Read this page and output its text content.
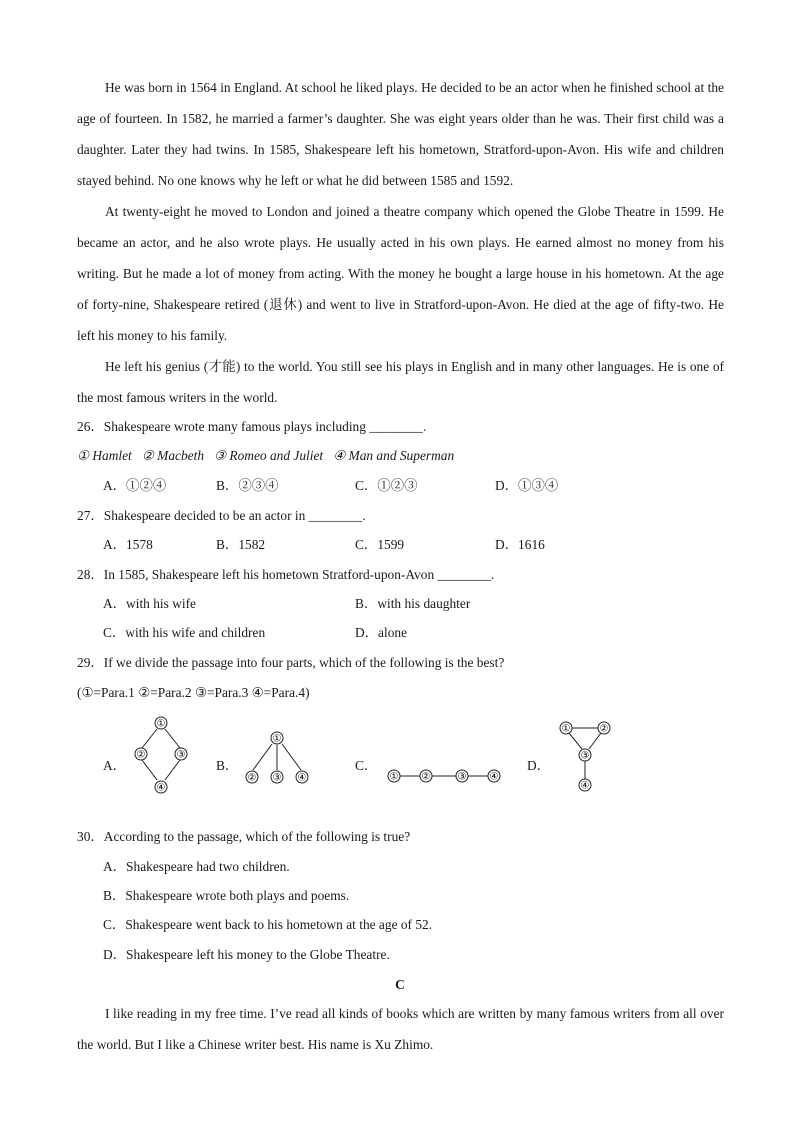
He was born in 1564 in England. At school he liked plays. He decided to be an actor when he finished school at the age of fourteen. In 1582, he married a farmer’s daughter. She was eight years older than he was. Their first child was a daughter. Later they had twins. In 1585, Shakespeare left his hometown, Stratford-upon-Avon. His wife and children stayed behind. No one knows why he left or what he did between 1585 and 1592.

At twenty-eight he moved to London and joined a theatre company which opened the Globe Theatre in 1599. He became an actor, and he also wrote plays. He usually acted in his own plays. He earned almost no money from his writing. But he made a lot of money from acting. With the money he bought a large house in his hometown. At the age of forty-nine, Shakespeare retired (退休) and went to live in Stratford-upon-Avon. He died at the age of fifty-two. He left his money to his family.

He left his genius (才能) to the world. You still see his plays in English and in many other languages. He is one of the most famous writers in the world.

26．Shakespeare wrote many famous plays including ________.
① Hamlet ② Macbeth ③ Romeo and Juliet ④ Man and Superman
A．①②④	B．②③④	C．①②③	D．①③④
27．Shakespeare decided to be an actor in ________.
A．1578	B．1582	C．1599	D．1616
28．In 1585, Shakespeare left his hometown Stratford-upon-Avon ________.
A．with his wife	B．with his daughter
C．with his wife and children	D．alone
29．If we divide the passage into four parts, which of the following is the best?
(①=Para.1 ②=Para.2 ③=Para.3 ④=Para.4)
A．	B．	C．	D．
①
②	③
④
①
② ③ ④	① ②	③ ④
①	②
③
④
30．According to the passage, which of the following is true?
A．Shakespeare had two children.
B．Shakespeare wrote both plays and poems.
C．Shakespeare went back to his hometown at the age of 52.
D．Shakespeare left his money to the Globe Theatre.
C

I like reading in my free time. I’ve read all kinds of books which are written by many famous writers from all over the world. But I like a Chinese writer best. His name is Xu Zhimo.
